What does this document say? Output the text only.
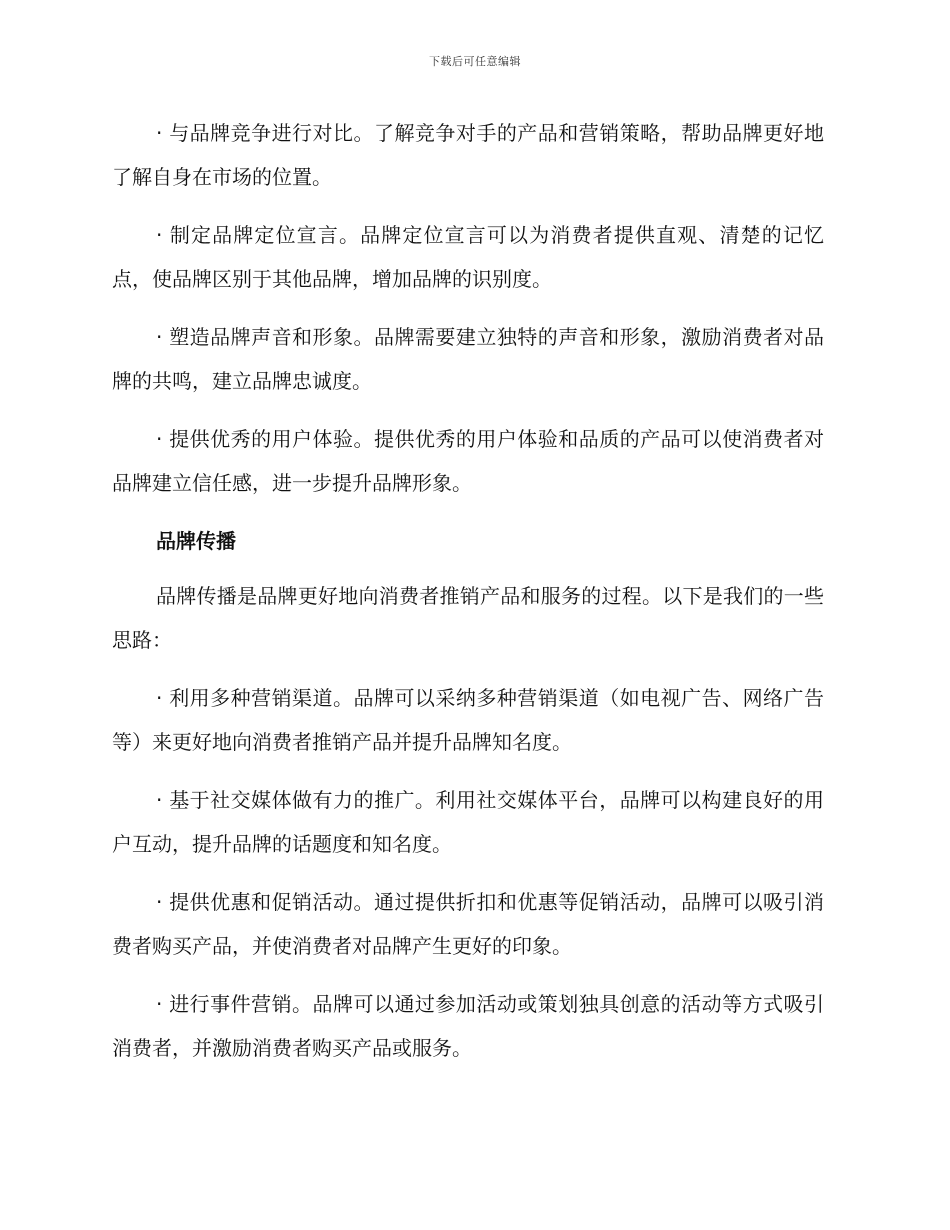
下载后可任意编辑

· 与品牌竞争进行对比。了解竞争对手的产品和营销策略，帮助品牌更好地了解自身在市场的位置。

· 制定品牌定位宣言。品牌定位宣言可以为消费者提供直观、清楚的记忆点，使品牌区别于其他品牌，增加品牌的识别度。

· 塑造品牌声音和形象。品牌需要建立独特的声音和形象，激励消费者对品牌的共鸣，建立品牌忠诚度。

· 提供优秀的用户体验。提供优秀的用户体验和品质的产品可以使消费者对品牌建立信任感，进一步提升品牌形象。

品牌传播

品牌传播是品牌更好地向消费者推销产品和服务的过程。以下是我们的一些思路：

· 利用多种营销渠道。品牌可以采纳多种营销渠道（如电视广告、网络广告等）来更好地向消费者推销产品并提升品牌知名度。

· 基于社交媒体做有力的推广。利用社交媒体平台，品牌可以构建良好的用户互动，提升品牌的话题度和知名度。

· 提供优惠和促销活动。通过提供折扣和优惠等促销活动，品牌可以吸引消费者购买产品，并使消费者对品牌产生更好的印象。

· 进行事件营销。品牌可以通过参加活动或策划独具创意的活动等方式吸引消费者，并激励消费者购买产品或服务。
